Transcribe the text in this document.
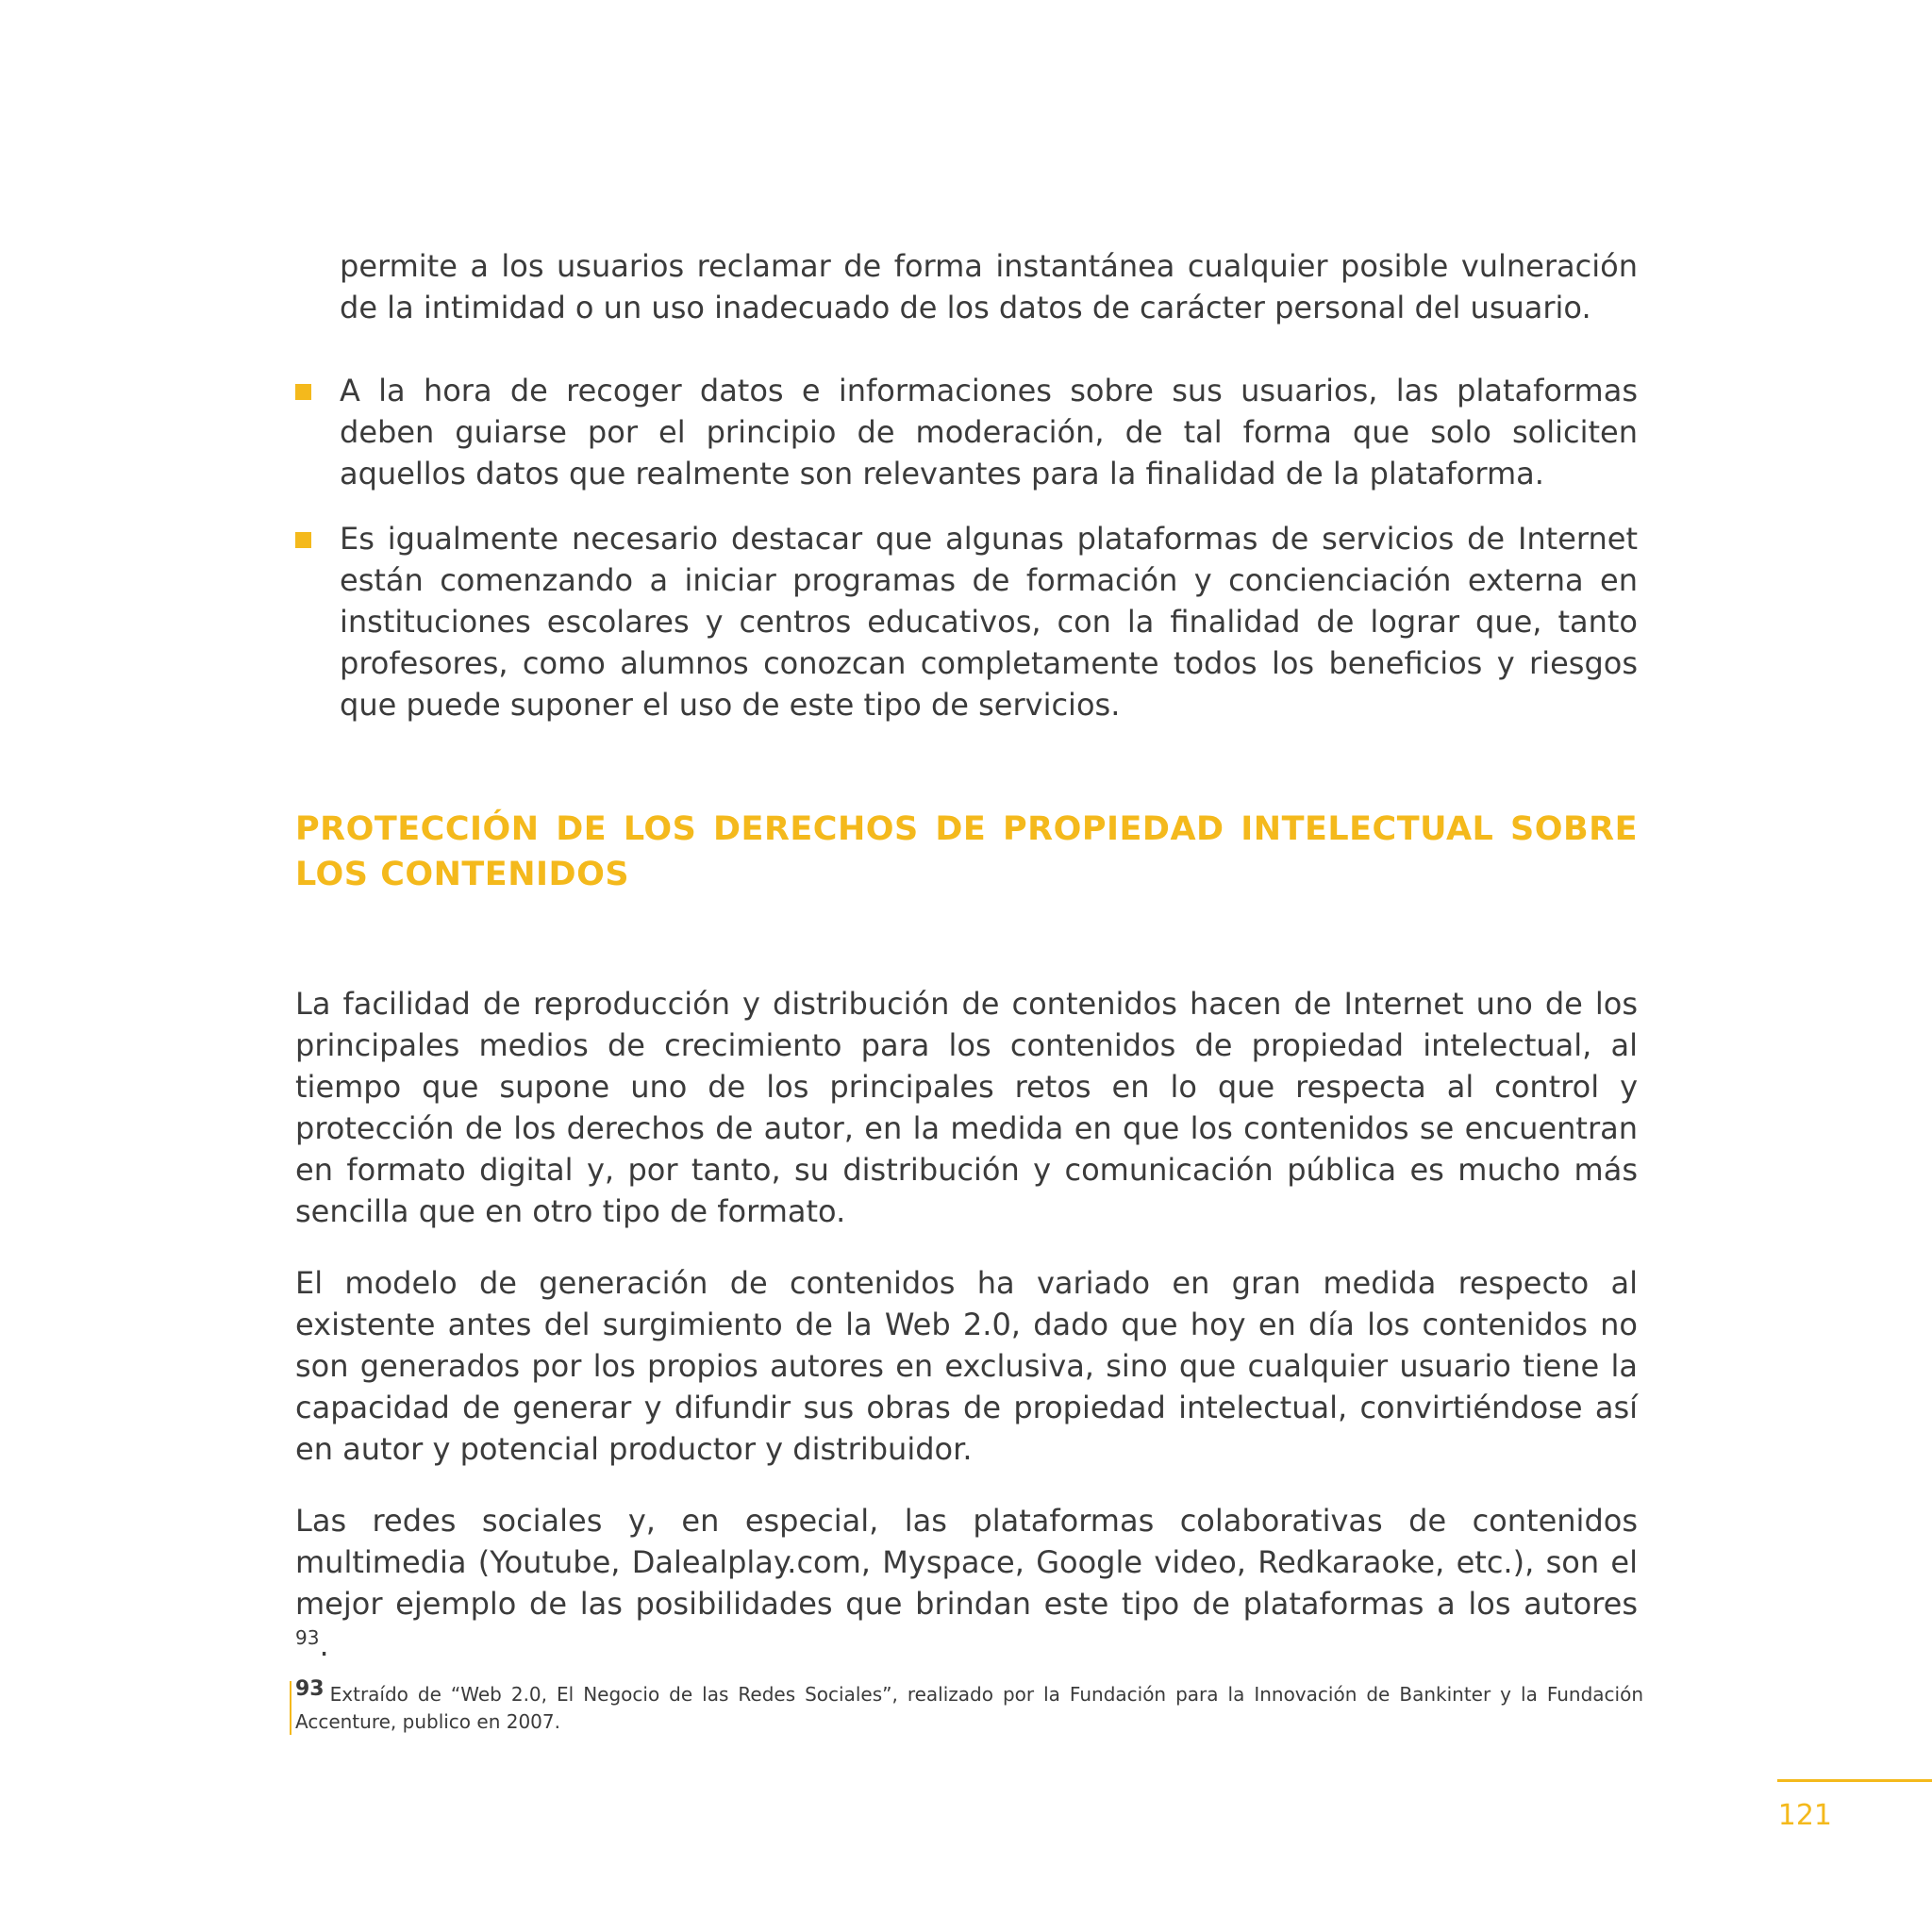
permite a los usuarios reclamar de forma instantánea cualquier posible vulneración de la intimidad o un uso inadecuado de los datos de carácter personal del usuario.

A la hora de recoger datos e informaciones sobre sus usuarios, las plataformas deben guiarse por el principio de moderación, de tal forma que solo soliciten aquellos datos que realmente son relevantes para la finalidad de la plataforma.

Es igualmente necesario destacar que algunas plataformas de servicios de Internet están comenzando a iniciar programas de formación y concienciación externa en instituciones escolares y centros educativos, con la finalidad de lograr que, tanto profesores, como alumnos conozcan completamente todos los beneficios y riesgos que puede suponer el uso de este tipo de servicios.

PROTECCIÓN DE LOS DERECHOS DE PROPIEDAD INTELECTUAL SOBRE LOS CONTENIDOS

La facilidad de reproducción y distribución de contenidos hacen de Internet uno de los principales medios de crecimiento para los contenidos de propiedad intelectual, al tiempo que supone uno de los principales retos en lo que respecta al control y protección de los derechos de autor, en la medida en que los contenidos se encuentran en formato digital y, por tanto, su distribución y comunicación pública es mucho más sencilla que en otro tipo de formato.

El modelo de generación de contenidos ha variado en gran medida respecto al existente antes del surgimiento de la Web 2.0, dado que hoy en día los contenidos no son generados por los propios autores en exclusiva, sino que cualquier usuario tiene la capacidad de generar y difundir sus obras de propiedad intelectual, convirtiéndose así en autor y potencial productor y distribuidor.

Las redes sociales y, en especial, las plataformas colaborativas de contenidos multimedia (Youtube, Dalealplay.com, Myspace, Google video, Redkaraoke, etc.), son el mejor ejemplo de las posibilidades que brindan este tipo de plataformas a los autores $^{93}$.

93 Extraído de “Web 2.0, El Negocio de las Redes Sociales”, realizado por la Fundación para la Innovación de Bankinter y la Fundación Accenture, publico en 2007.

121
